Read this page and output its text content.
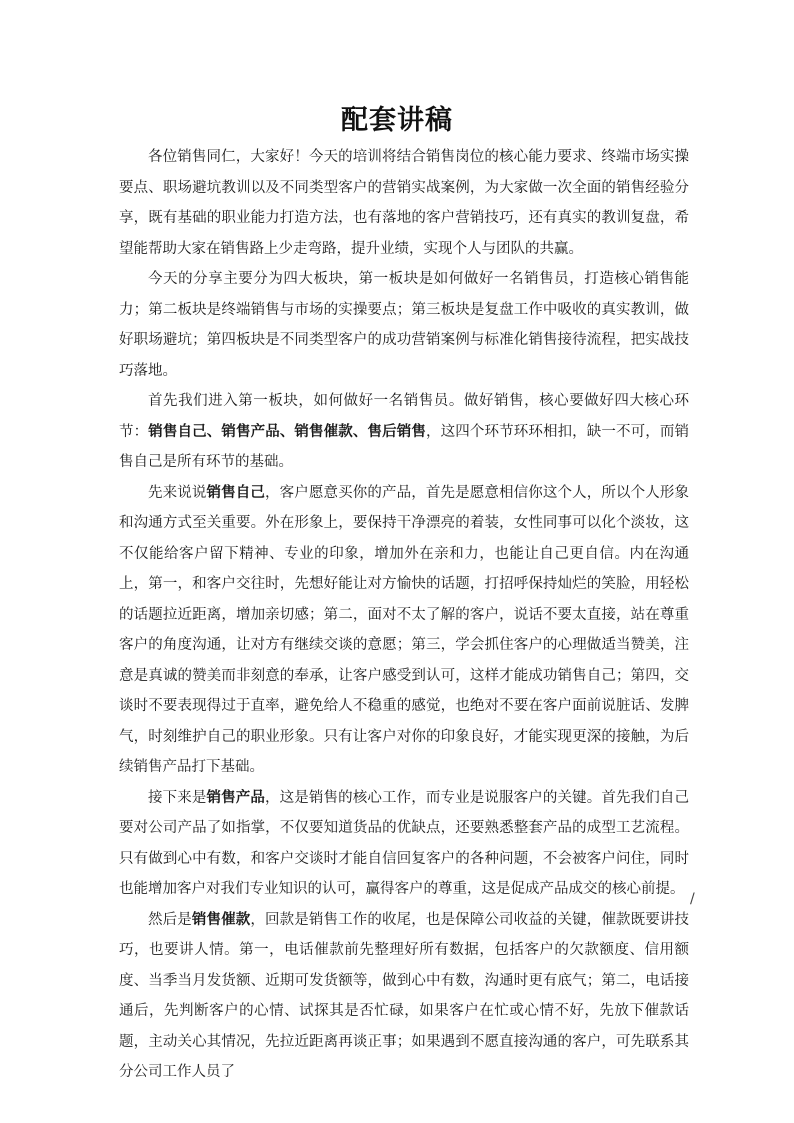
配套讲稿

各位销售同仁，大家好！今天的培训将结合销售岗位的核心能力要求、终端市场实操要点、职场避坑教训以及不同类型客户的营销实战案例，为大家做一次全面的销售经验分享，既有基础的职业能力打造方法，也有落地的客户营销技巧，还有真实的教训复盘，希望能帮助大家在销售路上少走弯路，提升业绩，实现个人与团队的共赢。

今天的分享主要分为四大板块，第一板块是如何做好一名销售员，打造核心销售能力；第二板块是终端销售与市场的实操要点；第三板块是复盘工作中吸收的真实教训，做好职场避坑；第四板块是不同类型客户的成功营销案例与标准化销售接待流程，把实战技巧落地。

首先我们进入第一板块，如何做好一名销售员。做好销售，核心要做好四大核心环节：销售自己、销售产品、销售催款、售后销售，这四个环节环环相扣，缺一不可，而销售自己是所有环节的基础。

先来说说销售自己，客户愿意买你的产品，首先是愿意相信你这个人，所以个人形象和沟通方式至关重要。外在形象上，要保持干净漂亮的着装，女性同事可以化个淡妆，这不仅能给客户留下精神、专业的印象，增加外在亲和力，也能让自己更自信。内在沟通上，第一，和客户交往时，先想好能让对方愉快的话题，打招呼保持灿烂的笑脸，用轻松的话题拉近距离，增加亲切感；第二，面对不太了解的客户，说话不要太直接，站在尊重客户的角度沟通，让对方有继续交谈的意愿；第三，学会抓住客户的心理做适当赞美，注意是真诚的赞美而非刻意的奉承，让客户感受到认可，这样才能成功销售自己；第四，交谈时不要表现得过于直率，避免给人不稳重的感觉，也绝对不要在客户面前说脏话、发脾气，时刻维护自己的职业形象。只有让客户对你的印象良好，才能实现更深的接触，为后续销售产品打下基础。

接下来是销售产品，这是销售的核心工作，而专业是说服客户的关键。首先我们自己要对公司产品了如指掌，不仅要知道货品的优缺点，还要熟悉整套产品的成型工艺流程。只有做到心中有数，和客户交谈时才能自信回复客户的各种问题，不会被客户问住，同时也能增加客户对我们专业知识的认可，赢得客户的尊重，这是促成产品成交的核心前提。

然后是销售催款，回款是销售工作的收尾，也是保障公司收益的关键，催款既要讲技巧，也要讲人情。第一，电话催款前先整理好所有数据，包括客户的欠款额度、信用额度、当季当月发货额、近期可发货额等，做到心中有数，沟通时更有底气；第二，电话接通后，先判断客户的心情、试探其是否忙碌，如果客户在忙或心情不好，先放下催款话题，主动关心其情况，先拉近距离再谈正事；如果遇到不愿直接沟通的客户，可先联系其分公司工作人员了

/
